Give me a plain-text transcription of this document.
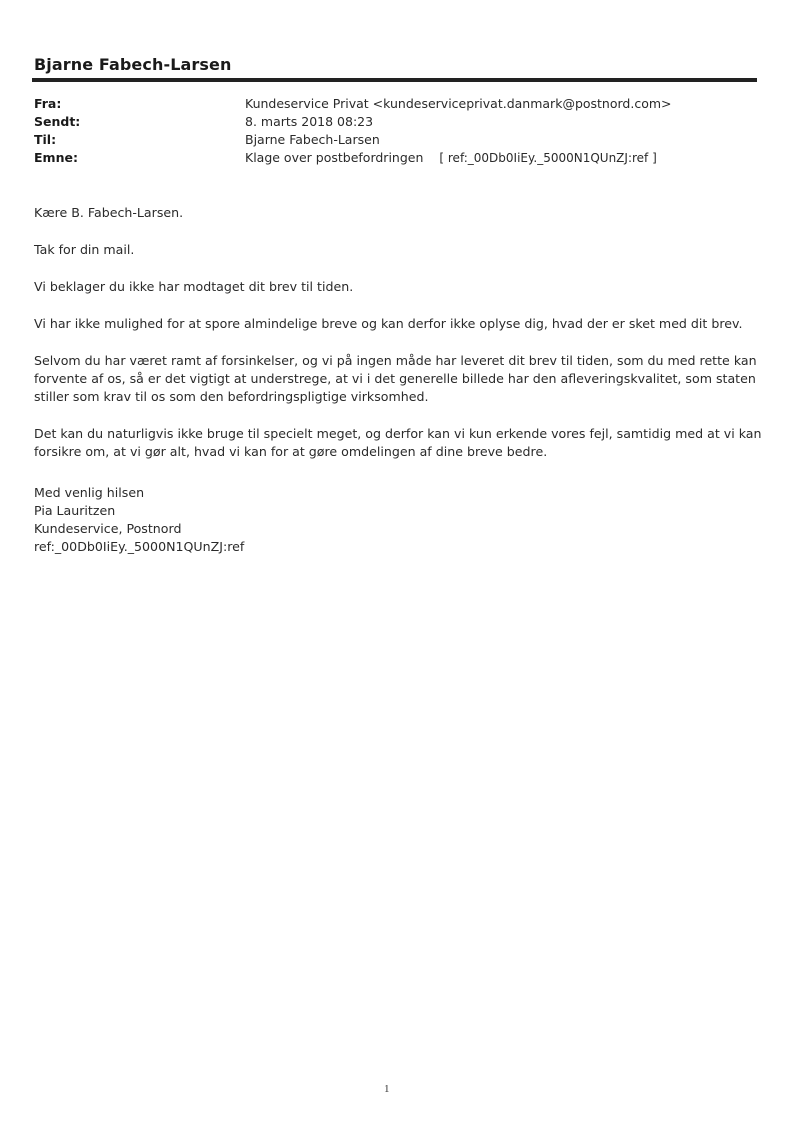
Bjarne Fabech-Larsen
Fra:	Kundeservice Privat <kundeserviceprivat.danmark@postnord.com>
Sendt:	8. marts 2018 08:23
Til:	Bjarne Fabech-Larsen
Emne:	Klage over postbefordringen [ ref:_00Db0IiEy._5000N1QUnZJ:ref ]

Kære B. Fabech-Larsen.

Tak for din mail.

Vi beklager du ikke har modtaget dit brev til tiden.

Vi har ikke mulighed for at spore almindelige breve og kan derfor ikke oplyse dig, hvad der er sket med dit brev.

Selvom du har været ramt af forsinkelser, og vi på ingen måde har leveret dit brev til tiden, som du med rette kan
forvente af os, så er det vigtigt at understrege, at vi i det generelle billede har den afleveringskvalitet, som staten
stiller som krav til os som den befordringspligtige virksomhed.

Det kan du naturligvis ikke bruge til specielt meget, og derfor kan vi kun erkende vores fejl, samtidig med at vi kan
forsikre om, at vi gør alt, hvad vi kan for at gøre omdelingen af dine breve bedre.

Med venlig hilsen
Pia Lauritzen
Kundeservice, Postnord
ref:_00Db0IiEy._5000N1QUnZJ:ref
1
